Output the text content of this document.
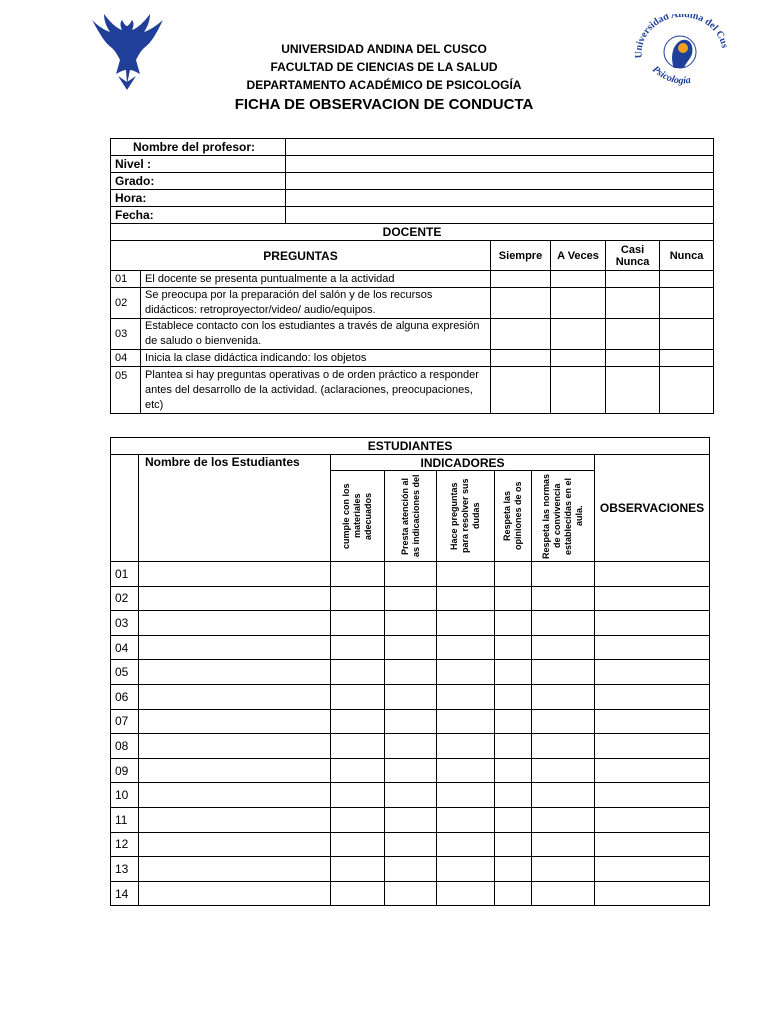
Universidad Andina del Cus
Psicología
UNIVERSIDAD ANDINA DEL CUSCO
FACULTAD DE CIENCIAS DE LA SALUD
DEPARTAMENTO ACADÉMICO DE PSICOLOGÍA
FICHA DE OBSERVACION DE CONDUCTA
Nombre del profesor:						
Nivel :						
Grado:						
Hora:						
Fecha:						
DOCENTE						
PREGUNTAS			Siempre	A Veces	Casi Nunca	Nunca
01	El docente se presenta puntualmente a la actividad					
02	Se preocupa por la preparación del salón y de los recursos didácticos: retroproyector/video/ audio/equipos.					
03	Establece contacto con los estudiantes a través de alguna expresión de saludo o bienvenida.					
04	Inicia la clase didáctica indicando: los objetos					
05	Plantea si hay preguntas operativas o de orden práctico a responder antes del desarrollo de la actividad. (aclaraciones, preocupaciones, etc)					
ESTUDIANTES							
	Nombre de los Estudiantes	INDICADORES					OBSERVACIONES

		cumple con los materiales adecuados	Presta atención al as indicaciones del	Hace preguntas para resolver sus dudas	Respeta las opiniones de os	Respeta las normas de convivencia establecidas en el aula.	

01							
02							
03							
04							
05							
06							
07							
08							
09							
10							
11							
12							
13							
14							
